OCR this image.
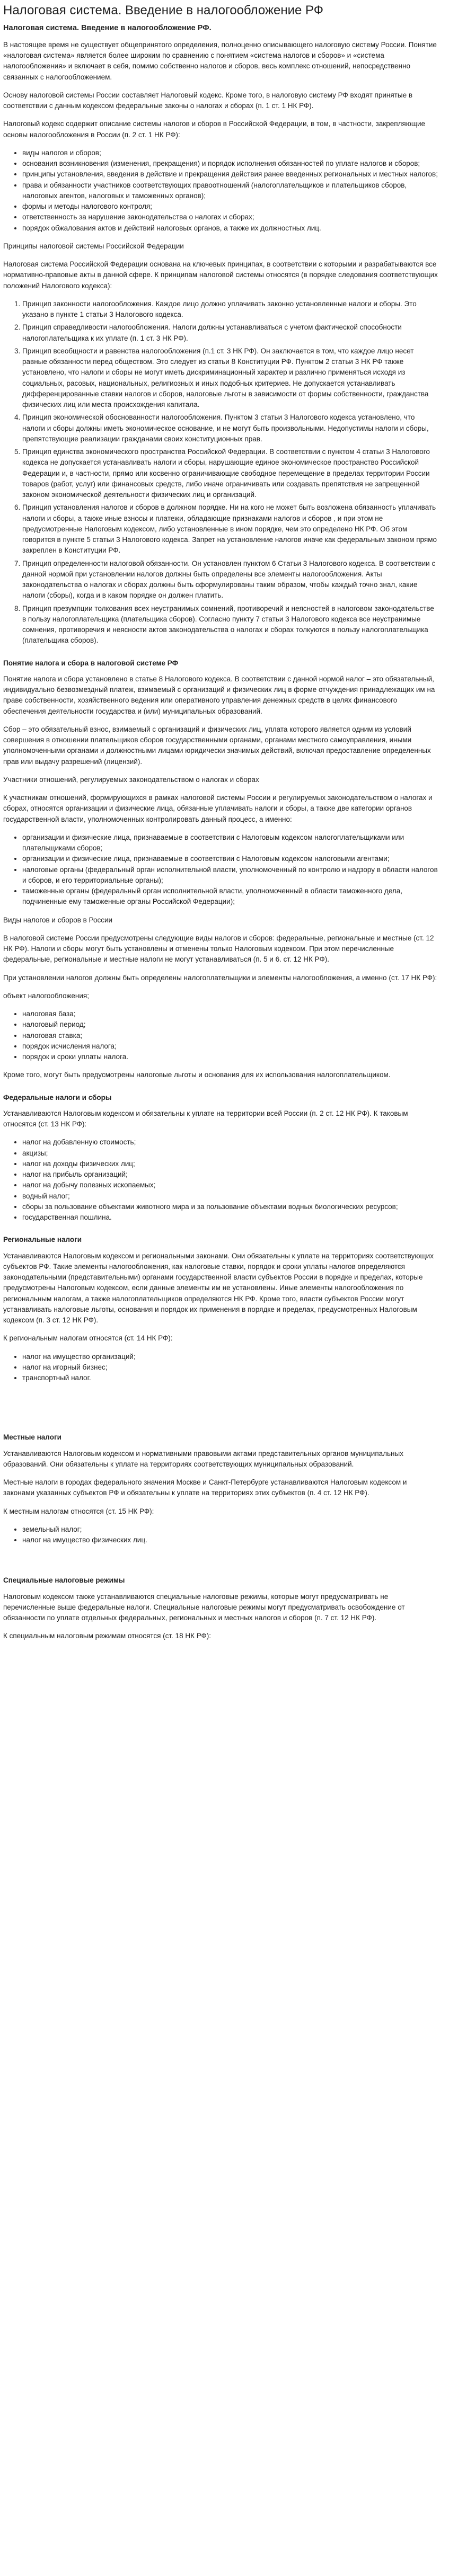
Налоговая система. Введение в налогообложение РФ
Налоговая система. Введение в налогообложение РФ.

В настоящее время не существует общепринятого определения, полноценно описывающего налоговую систему России. Понятие «налоговая система» является более широким по сравнению с понятием «система налогов и сборов» и «система налогообложения» и включает в себя, помимо собственно налогов и сборов, весь комплекс отношений, непосредственно связанных с налогообложением.

Основу налоговой системы России составляет Налоговый кодекс. Кроме того, в налоговую систему РФ входят принятые в соответствии с данным кодексом федеральные законы о налогах и сборах (п. 1 ст. 1 НК РФ).

Налоговый кодекс содержит описание системы налогов и сборов в Российской Федерации, в том, в частности, закрепляющие основы налогообложения в России (п. 2 ст. 1 НК РФ):

• виды налогов и сборов;
• основания возникновения (изменения, прекращения) и порядок исполнения обязанностей по уплате налогов и сборов;
• принципы установления, введения в действие и прекращения действия ранее введенных региональных и местных налогов;
• права и обязанности участников соответствующих правоотношений (налогоплательщиков и плательщиков сборов, налоговых агентов, налоговых и таможенных органов);
• формы и методы налогового контроля;
• ответственность за нарушение законодательства о налогах и сборах;
• порядок обжалования актов и действий налоговых органов, а также их должностных лиц.

Принципы налоговой системы Российской Федерации

Налоговая система Российской Федерации основана на ключевых принципах, в соответствии с которыми и разрабатываются все нормативно-правовые акты в данной сфере. К принципам налоговой системы относятся (в порядке следования соответствующих положений Налогового кодекса):

1. Принцип законности налогообложения. Каждое лицо должно уплачивать законно установленные налоги и сборы. Это указано в пункте 1 статьи 3 Налогового кодекса.
2. Принцип справедливости налогообложения. Налоги должны устанавливаться с учетом фактической способности налогоплательщика к их уплате (п. 1 ст. 3 НК РФ).
3. Принцип всеобщности и равенства налогообложения (п.1 ст. 3 НК РФ). Он заключается в том, что каждое лицо несет равные обязанности перед обществом. Это следует из статьи 8 Конституции РФ. Пунктом 2 статьи 3 НК РФ также установлено, что налоги и сборы не могут иметь дискриминационный характер и различно применяться исходя из социальных, расовых, национальных, религиозных и иных подобных критериев. Не допускается устанавливать дифференцированные ставки налогов и сборов, налоговые льготы в зависимости от формы собственности, гражданства физических лиц или места происхождения капитала.
4. Принцип экономической обоснованности налогообложения. Пунктом 3 статьи 3 Налогового кодекса установлено, что налоги и сборы должны иметь экономическое основание, и не могут быть произвольными. Недопустимы налоги и сборы, препятствующие реализации гражданами своих конституционных прав.
5. Принцип единства экономического пространства Российской Федерации. В соответствии с пунктом 4 статьи 3 Налогового кодекса не допускается устанавливать налоги и сборы, нарушающие единое экономическое пространство Российской Федерации и, в частности, прямо или косвенно ограничивающие свободное перемещение в пределах территории России товаров (работ, услуг) или финансовых средств, либо иначе ограничивать или создавать препятствия не запрещенной законом экономической деятельности физических лиц и организаций.
6. Принцип установления налогов и сборов в должном порядке. Ни на кого не может быть возложена обязанность уплачивать налоги и сборы, а также иные взносы и платежи, обладающие признаками налогов и сборов , и при этом не предусмотренные Налоговым кодексом, либо установленные в ином порядке, чем это определено НК РФ. Об этом говорится в пункте 5 статьи 3 Налогового кодекса. Запрет на установление налогов иначе как федеральным законом прямо закреплен в Конституции РФ.
7. Принцип определенности налоговой обязанности. Он установлен пунктом 6 Статьи 3 Налогового кодекса. В соответствии с данной нормой при установлении налогов должны быть определены все элементы налогообложения. Акты законодательства о налогах и сборах должны быть сформулированы таким образом, чтобы каждый точно знал, какие налоги (сборы), когда и в каком порядке он должен платить.
8. Принцип презумпции толкования всех неустранимых сомнений, противоречий и неясностей в налоговом законодательстве в пользу налогоплательщика (плательщика сборов). Согласно пункту 7 статьи 3 Налогового кодекса все неустранимые сомнения, противоречия и неясности актов законодательства о налогах и сборах толкуются в пользу налогоплательщика (плательщика сборов).
Понятие налога и сбора в налоговой системе РФ

Понятие налога и сбора установлено в статье 8 Налогового кодекса. В соответствии с данной нормой налог – это обязательный, индивидуально безвозмездный платеж, взимаемый с организаций и физических лиц в форме отчуждения принадлежащих им на праве собственности, хозяйственного ведения или оперативного управления денежных средств в целях финансового обеспечения деятельности государства и (или) муниципальных образований.

Сбор – это обязательный взнос, взимаемый с организаций и физических лиц, уплата которого является одним из условий совершения в отношении плательщиков сборов государственными органами, органами местного самоуправления, иными уполномоченными органами и должностными лицами юридически значимых действий, включая предоставление определенных прав или выдачу разрешений (лицензий).

Участники отношений, регулируемых законодательством о налогах и сборах

К участникам отношений, формирующихся в рамках налоговой системы России и регулируемых законодательством о налогах и сборах, относятся организации и физические лица, обязанные уплачивать налоги и сборы, а также две категории органов государственной власти, уполномоченных контролировать данный процесс, а именно:

• организации и физические лица, признаваемые в соответствии с Налоговым кодексом налогоплательщиками или плательщиками сборов;
• организации и физические лица, признаваемые в соответствии с Налоговым кодексом налоговыми агентами;
• налоговые органы (федеральный орган исполнительной власти, уполномоченный по контролю и надзору в области налогов и сборов, и его территориальные органы);
• таможенные органы (федеральный орган исполнительной власти, уполномоченный в области таможенного дела, подчиненные ему таможенные органы Российской Федерации);

Виды налогов и сборов в России

В налоговой системе России предусмотрены следующие виды налогов и сборов: федеральные, региональные и местные (ст. 12 НК РФ). Налоги и сборы могут быть установлены и отменены только Налоговым кодексом. При этом перечисленные федеральные, региональные и местные налоги не могут устанавливаться (п. 5 и 6. ст. 12 НК РФ).

При установлении налогов должны быть определены налогоплательщики и элементы налогообложения, а именно (ст. 17 НК РФ):

объект налогообложения;

• налоговая база;
• налоговый период;
• налоговая ставка;
• порядок исчисления налога;
• порядок и сроки уплаты налога.

Кроме того, могут быть предусмотрены налоговые льготы и основания для их использования налогоплательщиком.

Федеральные налоги и сборы

Устанавливаются Налоговым кодексом и обязательны к уплате на территории всей России (п. 2 ст. 12 НК РФ). К таковым относятся (ст. 13 НК РФ):

• налог на добавленную стоимость;
• акцизы;
• налог на доходы физических лиц;
• налог на прибыль организаций;
• налог на добычу полезных ископаемых;
• водный налог;
• сборы за пользование объектами животного мира и за пользование объектами водных биологических ресурсов;
• государственная пошлина.
Региональные налоги

Устанавливаются Налоговым кодексом и региональными законами. Они обязательны к уплате на территориях соответствующих субъектов РФ. Такие элементы налогообложения, как налоговые ставки, порядок и сроки уплаты налогов определяются законодательными (представительными) органами государственной власти субъектов России в порядке и пределах, которые предусмотрены Налоговым кодексом, если данные элементы им не установлены. Иные элементы налогообложения по региональным налогам, а также налогоплательщиков определяются НК РФ. Кроме того, власти субъектов России могут устанавливать налоговые льготы, основания и порядок их применения в порядке и пределах, предусмотренных Налоговым кодексом (п. 3 ст. 12 НК РФ).

К региональным налогам относятся (ст. 14 НК РФ):

• налог на имущество организаций;
• налог на игорный бизнес;
• транспортный налог.
Местные налоги

Устанавливаются Налоговым кодексом и нормативными правовыми актами представительных органов муниципальных образований. Они обязательны к уплате на территориях соответствующих муниципальных образований.

Местные налоги в городах федерального значения Москве и Санкт-Петербурге устанавливаются Налоговым кодексом и законами указанных субъектов РФ и обязательны к уплате на территориях этих субъектов (п. 4 ст. 12 НК РФ).

К местным налогам относятся (ст. 15 НК РФ):

• земельный налог;
• налог на имущество физических лиц.
Специальные налоговые режимы

Налоговым кодексом также устанавливаются специальные налоговые режимы, которые могут предусматривать не перечисленные выше федеральные налоги. Специальные налоговые режимы могут предусматривать освобождение от обязанности по уплате отдельных федеральных, региональных и местных налогов и сборов (п. 7 ст. 12 НК РФ).

К специальным налоговым режимам относятся (ст. 18 НК РФ):
